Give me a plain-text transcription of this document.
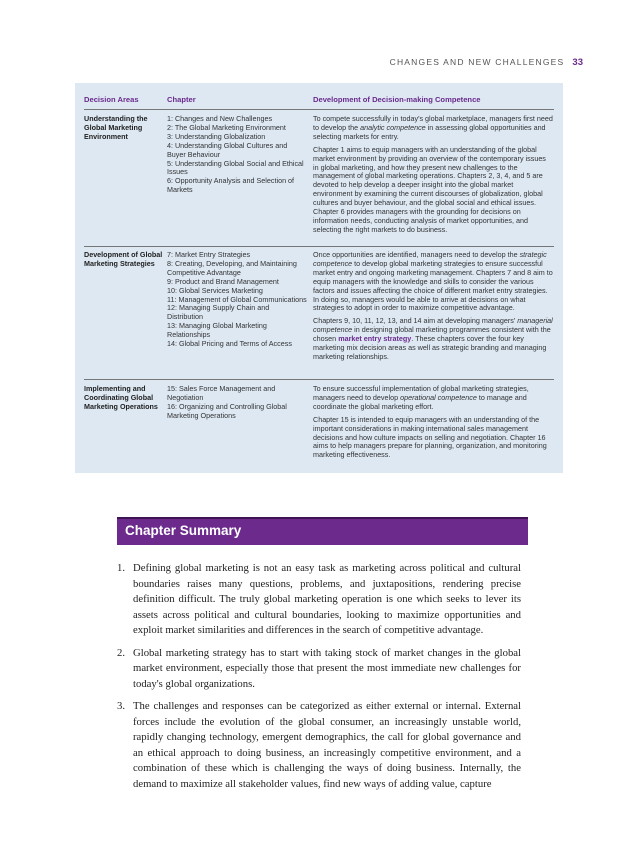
CHANGES AND NEW CHALLENGES 33
Decision Areas	Chapter	Development of Decision-making Competence
Understanding the Global Marketing Environment
1: Changes and New Challenges
2: The Global Marketing Environment
3: Understanding Globalization
4: Understanding Global Cultures and Buyer Behaviour
5: Understanding Global Social and Ethical Issues
6: Opportunity Analysis and Selection of Markets

To compete successfully in today's global marketplace, managers first need to develop the analytic competence in assessing global opportunities and selecting markets for entry.

Chapter 1 aims to equip managers with an understanding of the global market environment by providing an overview of the contemporary issues in global marketing, and how they present new challenges to the management of global marketing operations. Chapters 2, 3, 4, and 5 are devoted to help develop a deeper insight into the global market environment by examining the current discourses of globalization, global cultures and buyer behaviour, and the global social and ethical issues. Chapter 6 provides managers with the grounding for decisions on information needs, conducting analysis of market opportunities, and selecting the right markets to do business.

Development of Global Marketing Strategies
7: Market Entry Strategies
8: Creating, Developing, and Maintaining Competitive Advantage
9: Product and Brand Management
10: Global Services Marketing
11: Management of Global Communications
12: Managing Supply Chain and Distribution
13: Managing Global Marketing Relationships
14: Global Pricing and Terms of Access

Once opportunities are identified, managers need to develop the strategic competence to develop global marketing strategies to ensure successful market entry and ongoing marketing management. Chapters 7 and 8 aim to equip managers with the knowledge and skills to consider the various factors and issues affecting the choice of different market entry strategies. In doing so, managers would be able to arrive at decisions on what strategies to adopt in order to maximize competitive advantage.

Chapters 9, 10, 11, 12, 13, and 14 aim at developing managers' managerial competence in designing global marketing programmes consistent with the chosen market entry strategy. These chapters cover the four key marketing mix decision areas as well as strategic branding and managing marketing relationships.

Implementing and Coordinating Global Marketing Operations
15: Sales Force Management and Negotiation
16: Organizing and Controlling Global Marketing Operations

To ensure successful implementation of global marketing strategies, managers need to develop operational competence to manage and coordinate the global marketing effort.

Chapter 15 is intended to equip managers with an understanding of the important considerations in making international sales management decisions and how culture impacts on selling and negotiation. Chapter 16 aims to help managers prepare for planning, organization, and monitoring marketing effectiveness.

Chapter Summary
1. Defining global marketing is not an easy task as marketing across political and cultural boundaries raises many questions, problems, and juxtapositions, rendering precise definition difficult. The truly global marketing operation is one which seeks to lever its assets across political and cultural boundaries, looking to maximize opportunities and exploit market similarities and differences in the search of competitive advantage.
2. Global marketing strategy has to start with taking stock of market changes in the global market environment, especially those that present the most immediate new challenges for today's global organizations.
3. The challenges and responses can be categorized as either external or internal. External forces include the evolution of the global consumer, an increasingly unstable world, rapidly changing technology, emergent demographics, the call for global governance and an ethical approach to doing business, an increasingly competitive environment, and a combination of these which is challenging the ways of doing business. Internally, the demand to maximize all stakeholder values, find new ways of adding value, capture
